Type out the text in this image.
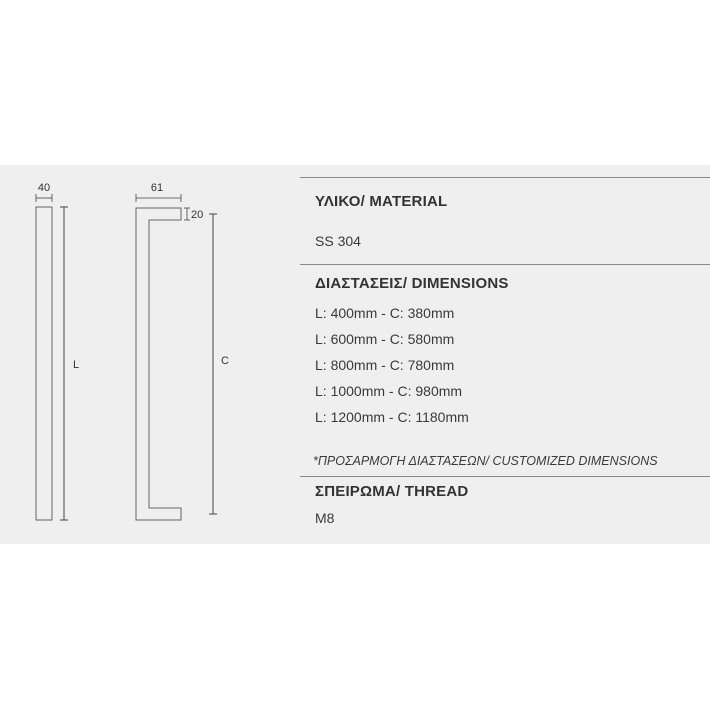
40
L
61
20
C
ΥΛΙΚΟ/ MATERIAL
SS 304
ΔΙΑΣΤΑΣΕΙΣ/ DIMENSIONS
L: 400mm - C: 380mm
L: 600mm - C: 580mm
L: 800mm - C: 780mm
L: 1000mm - C: 980mm
L: 1200mm - C: 1180mm
*ΠΡΟΣΑΡΜΟΓΗ ΔΙΑΣΤΑΣΕΩΝ/ CUSTOMIZED DIMENSIONS
ΣΠΕΙΡΩΜΑ/ THREAD
M8
